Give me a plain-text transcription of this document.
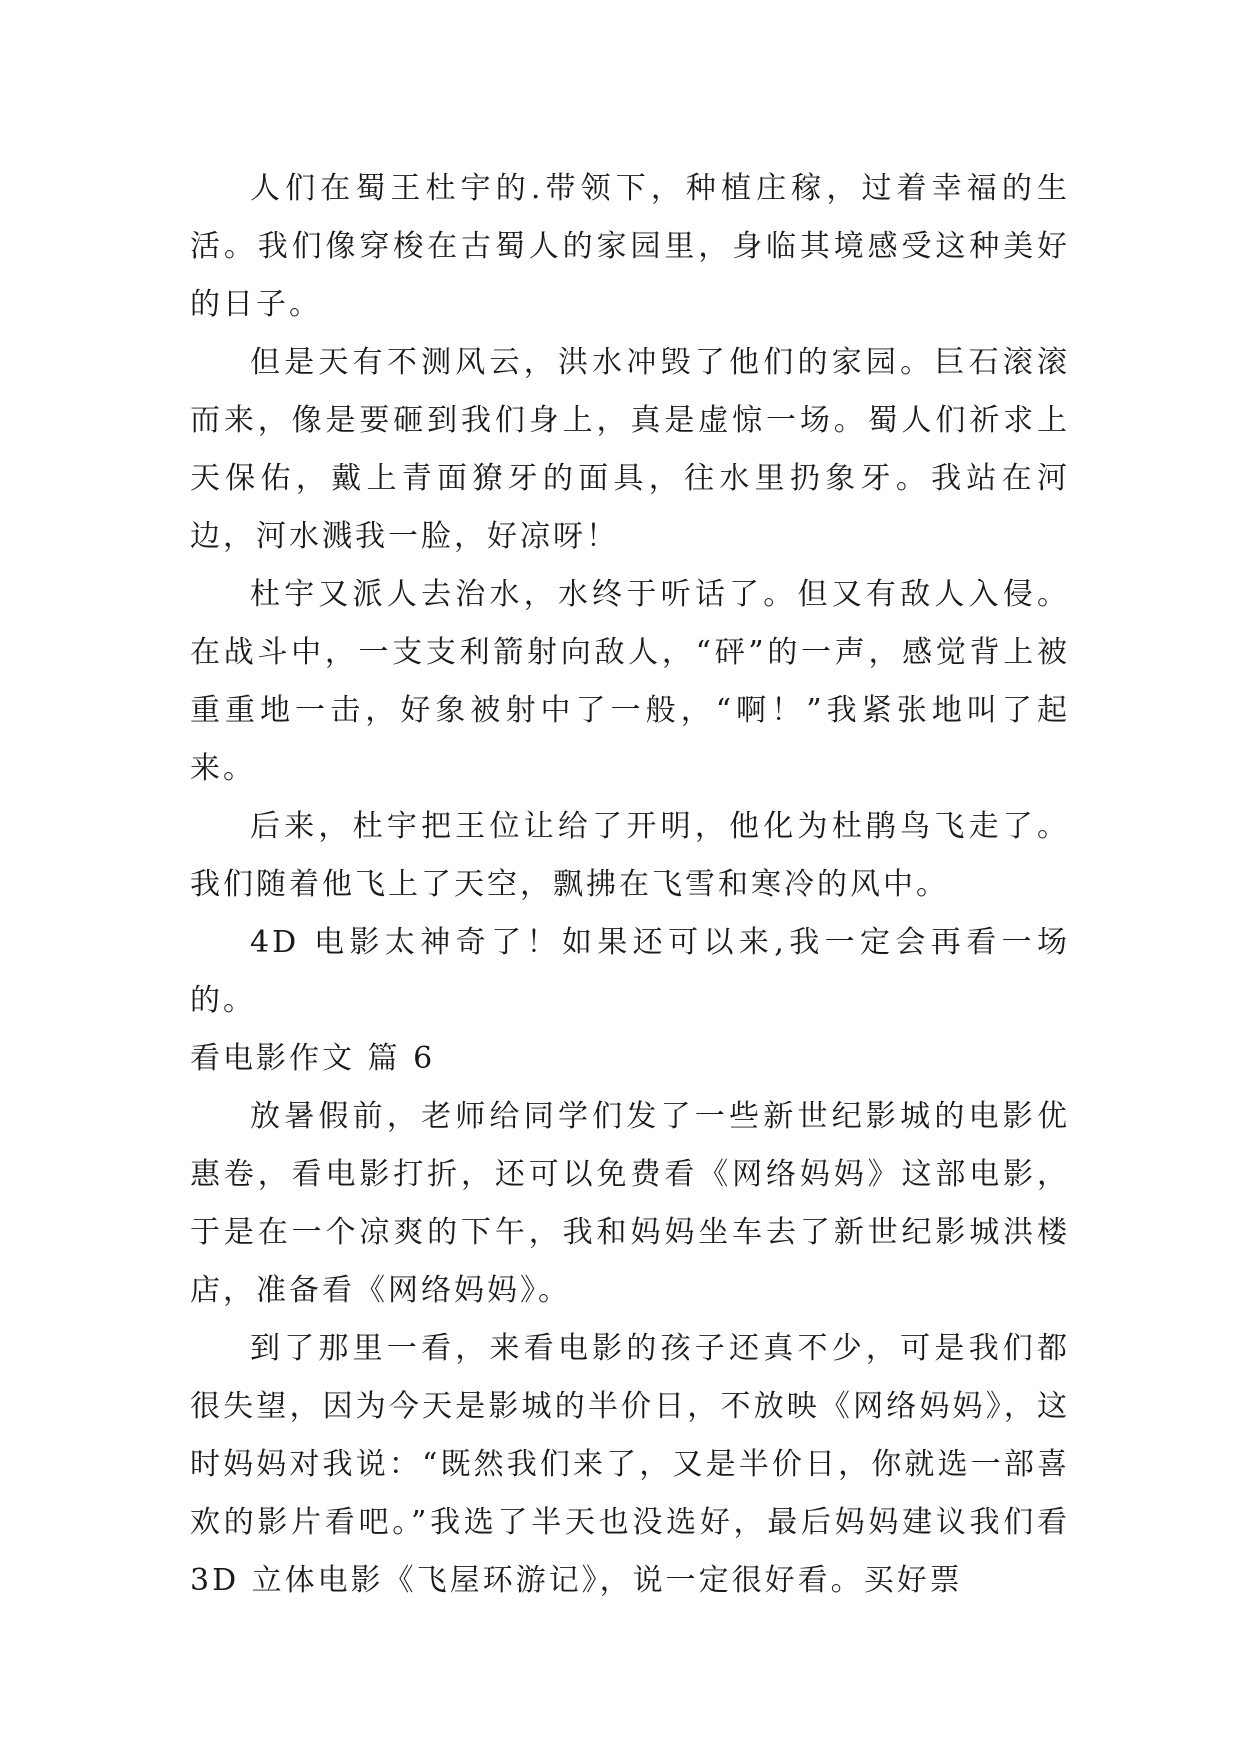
人们在蜀王杜宇的.带领下，种植庄稼，过着幸福的生活。我们像穿梭在古蜀人的家园里，身临其境感受这种美好的日子。

但是天有不测风云，洪水冲毁了他们的家园。巨石滚滚而来，像是要砸到我们身上，真是虚惊一场。蜀人们祈求上天保佑，戴上青面獠牙的面具，往水里扔象牙。我站在河边，河水溅我一脸，好凉呀！

杜宇又派人去治水，水终于听话了。但又有敌人入侵。在战斗中，一支支利箭射向敌人，“砰”的一声，感觉背上被重重地一击，好象被射中了一般，“啊！”我紧张地叫了起来。

后来，杜宇把王位让给了开明，他化为杜鹃鸟飞走了。我们随着他飞上了天空，飘拂在飞雪和寒冷的风中。

4D 电影太神奇了！如果还可以来,我一定会再看一场的。

看电影作文 篇 6

放暑假前，老师给同学们发了一些新世纪影城的电影优惠卷，看电影打折，还可以免费看《网络妈妈》这部电影，于是在一个凉爽的下午，我和妈妈坐车去了新世纪影城洪楼店，准备看《网络妈妈》。

到了那里一看，来看电影的孩子还真不少，可是我们都很失望，因为今天是影城的半价日，不放映《网络妈妈》，这时妈妈对我说：“既然我们来了，又是半价日，你就选一部喜欢的影片看吧。”我选了半天也没选好，最后妈妈建议我们看 3D 立体电影《飞屋环游记》，说一定很好看。买好票
